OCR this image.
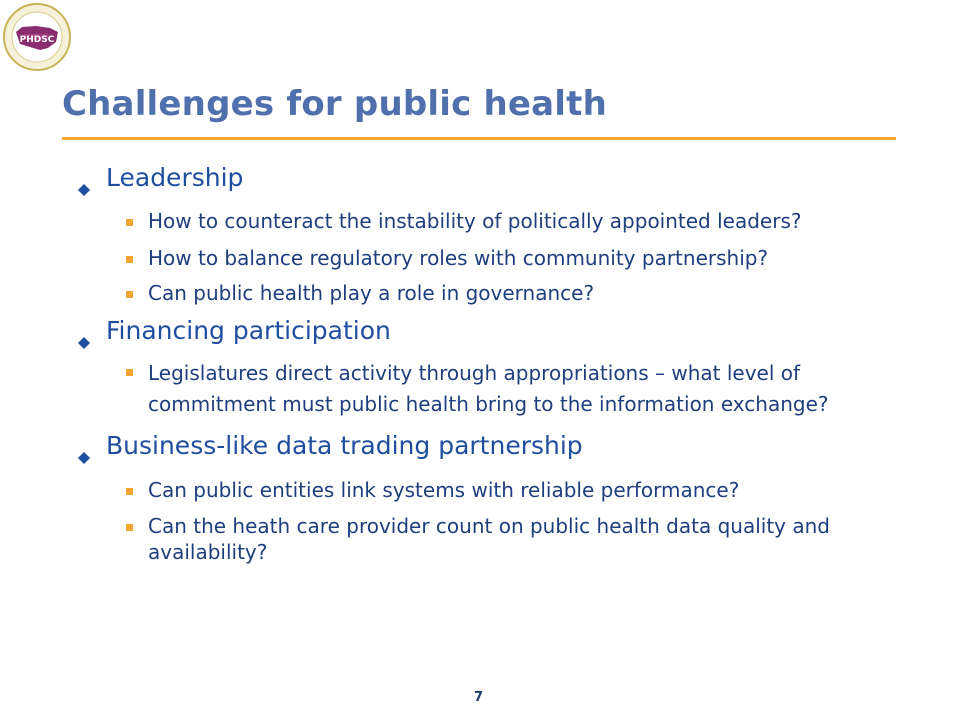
PHDSC
Challenges for public health
Leadership
How to counteract the instability of politically appointed leaders?
How to balance regulatory roles with community partnership?
Can public health play a role in governance?
Financing participation
Legislatures direct activity through appropriations – what level of commitment must public health bring to the information exchange?
Business-like data trading partnership
Can public entities link systems with reliable performance?
Can the heath care provider count on public health data quality and availability?
7
